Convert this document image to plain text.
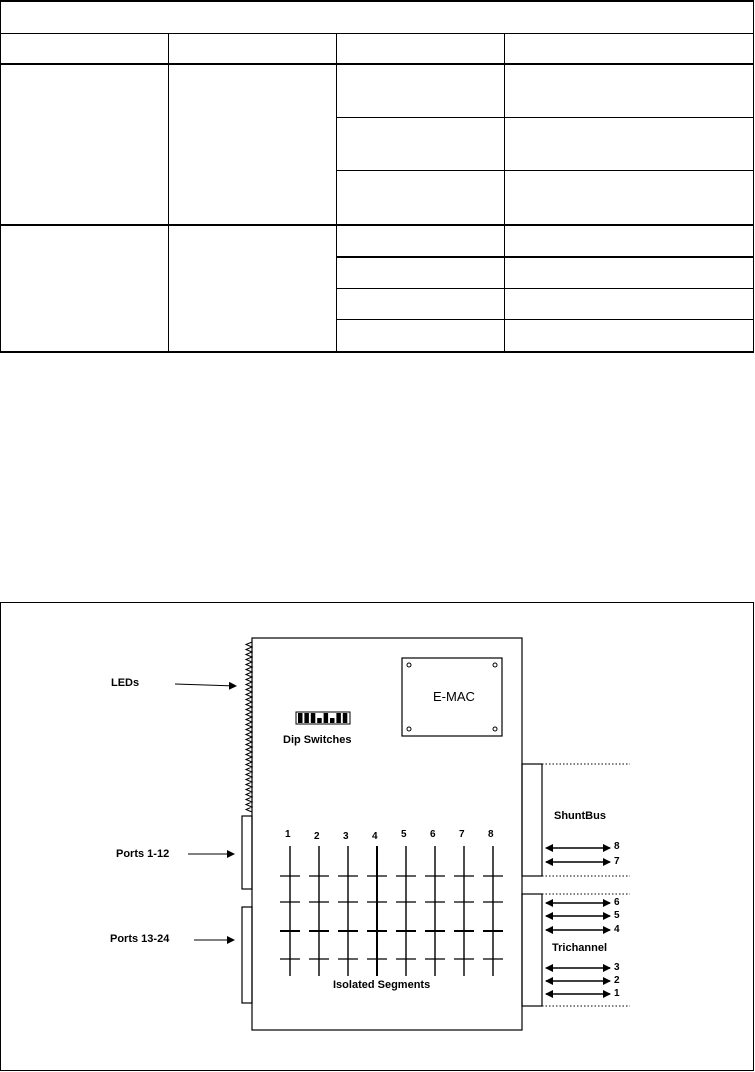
LEDs
Ports 1-12
Ports 13-24
Dip Switches
E-MAC
ShuntBus
Trichannel
Isolated Segments
1 2 3 4 5 6 7 8
8
7
6
5
4
3
2
1
